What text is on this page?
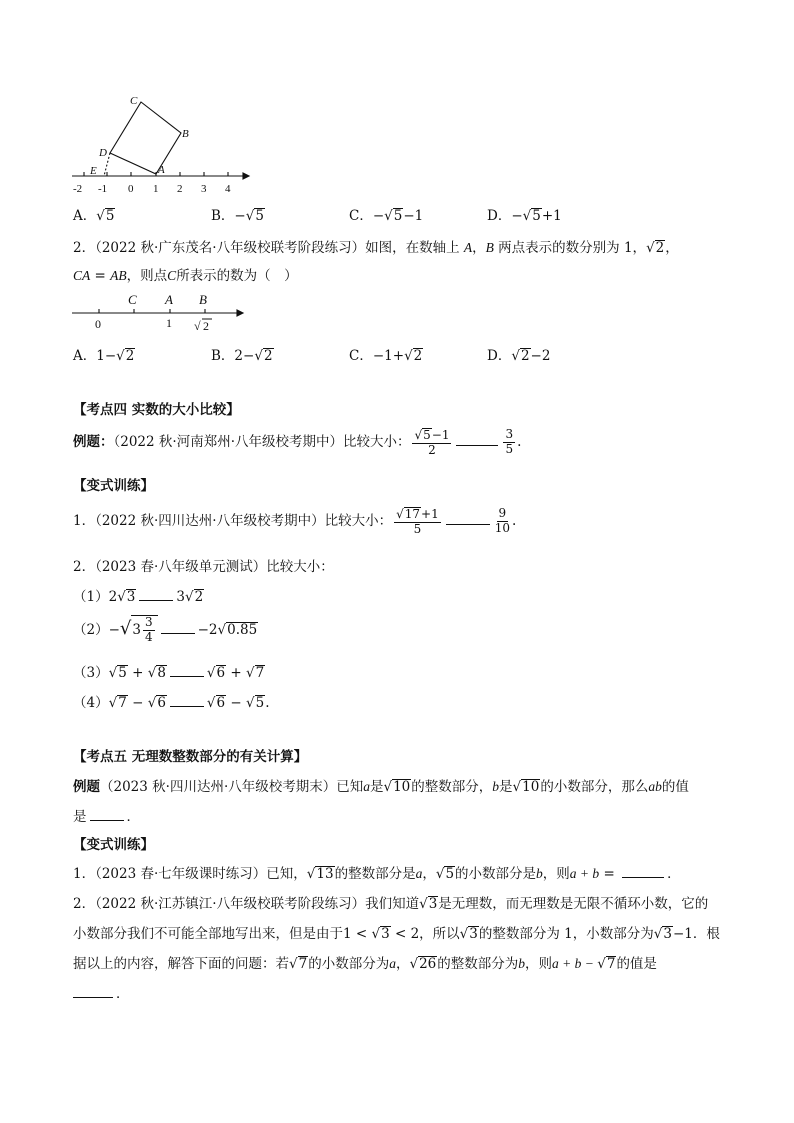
C
B
D
E	A
-2 -1 0 1 2 3 4
A．√5	B．−√5	C．−√5−1	D．−√5+1
2．（2022 秋·广东茂名·八年级校联考阶段练习）如图，在数轴上 A，B 两点表示的数分别为 1，√2，
CA = AB，则点C所表示的数为（　）
C A B
0	1 √ 2
A．1−√2	B．2−√2	C．−1+√2	D．√2−2
【考点四 实数的大小比较】
例题：（2022 秋·河南郑州·八年级校考期中）比较大小： $\frac{√5-1}{2}$	$\frac{3}{5}$ .
【变式训练】
1．（2022 秋·四川达州·八年级校考期中）比较大小： $\frac{√17+1}{5}$	$\frac{9}{10}$ .
2．（2023 春·八年级单元测试）比较大小：
（1）2√3	3√2
$(2)-√3 \frac{3}{4}$	−2√0.85
（3）√5 + √8	√6 + √7
（4）√7 − √6	√6 − √5.
【考点五 无理数整数部分的有关计算】
例题（2023 秋·四川达州·八年级校考期末）已知a是√10的整数部分，b是√10的小数部分，那么ab的值
是	．
【变式训练】
1．（2023 春·七年级课时练习）已知，√13的整数部分是a，√5的小数部分是b，则a + b =	．
2．（2022 秋·江苏镇江·八年级校联考阶段练习）我们知道√3是无理数，而无理数是无限不循环小数，它的
小数部分我们不可能全部地写出来，但是由于1 < √3 < 2，所以√3的整数部分为 1，小数部分为√3−1．根
据以上的内容，解答下面的问题：若√7的小数部分为a，√26的整数部分为b，则a + b − √7的值是
．
